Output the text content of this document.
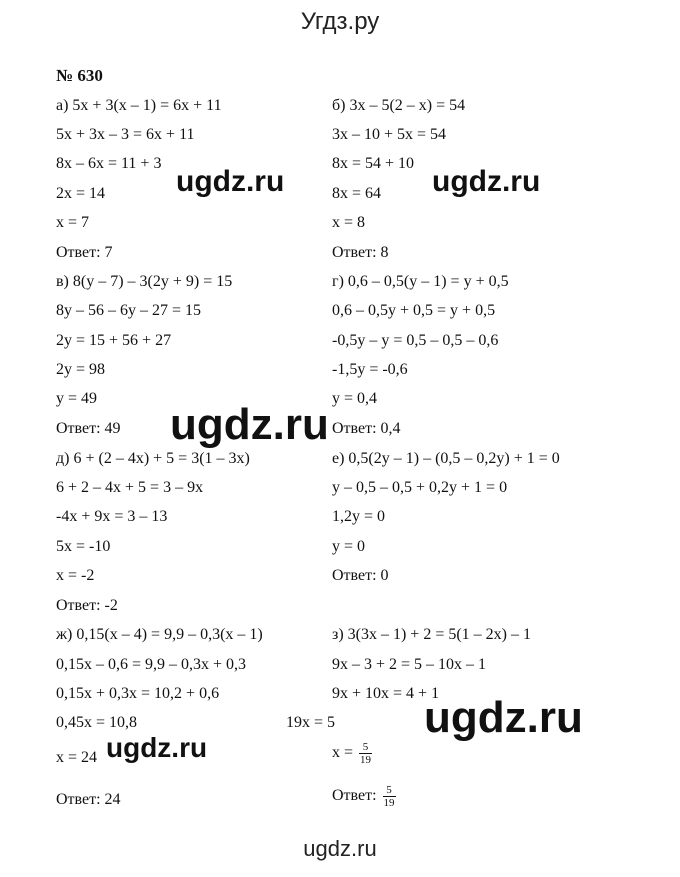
Угдз.ру
№ 630
а) 5х + 3(х – 1) = 6х + 11
5х + 3х – 3 = 6х + 11
8х – 6х = 11 + 3
2х = 14
х = 7
Ответ: 7
в) 8(у – 7) – 3(2у + 9) = 15
8у – 56 – 6у – 27 = 15
2у = 15 + 56 + 27
2у = 98
у = 49
Ответ: 49
д) 6 + (2 – 4х) + 5 = 3(1 – 3х)
6 + 2 – 4х + 5 = 3 – 9х
-4х + 9х = 3 – 13
5х = -10
х = -2
Ответ: -2
ж) 0,15(х – 4) = 9,9 – 0,3(х – 1)
0,15х – 0,6 = 9,9 – 0,3х + 0,3
0,15х + 0,3х = 10,2 + 0,6
0,45х = 10,8
х = 24
Ответ: 24
б) 3х – 5(2 – х) = 54
3х – 10 + 5х = 54
8х = 54 + 10
8х = 64
х = 8
Ответ: 8
г) 0,6 – 0,5(у – 1) = у + 0,5
0,6 – 0,5у + 0,5 = у + 0,5
-0,5у – у = 0,5 – 0,5 – 0,6
-1,5у = -0,6
у = 0,4
Ответ: 0,4
е) 0,5(2у – 1) – (0,5 – 0,2у) + 1 = 0
у – 0,5 – 0,5 + 0,2у + 1 = 0
1,2у = 0
у = 0
Ответ: 0
з) 3(3х – 1) + 2 = 5(1 – 2х) – 1
9х – 3 + 2 = 5 – 10х – 1
9х + 10х = 4 + 1
19х = 5
$х = \frac{5}{19}$
Ответ: $\frac{5}{19}$
ugdz.ru	ugdz.ru
ugdz.ru
ugdz.ru
ugdz.ru
ugdz.ru
